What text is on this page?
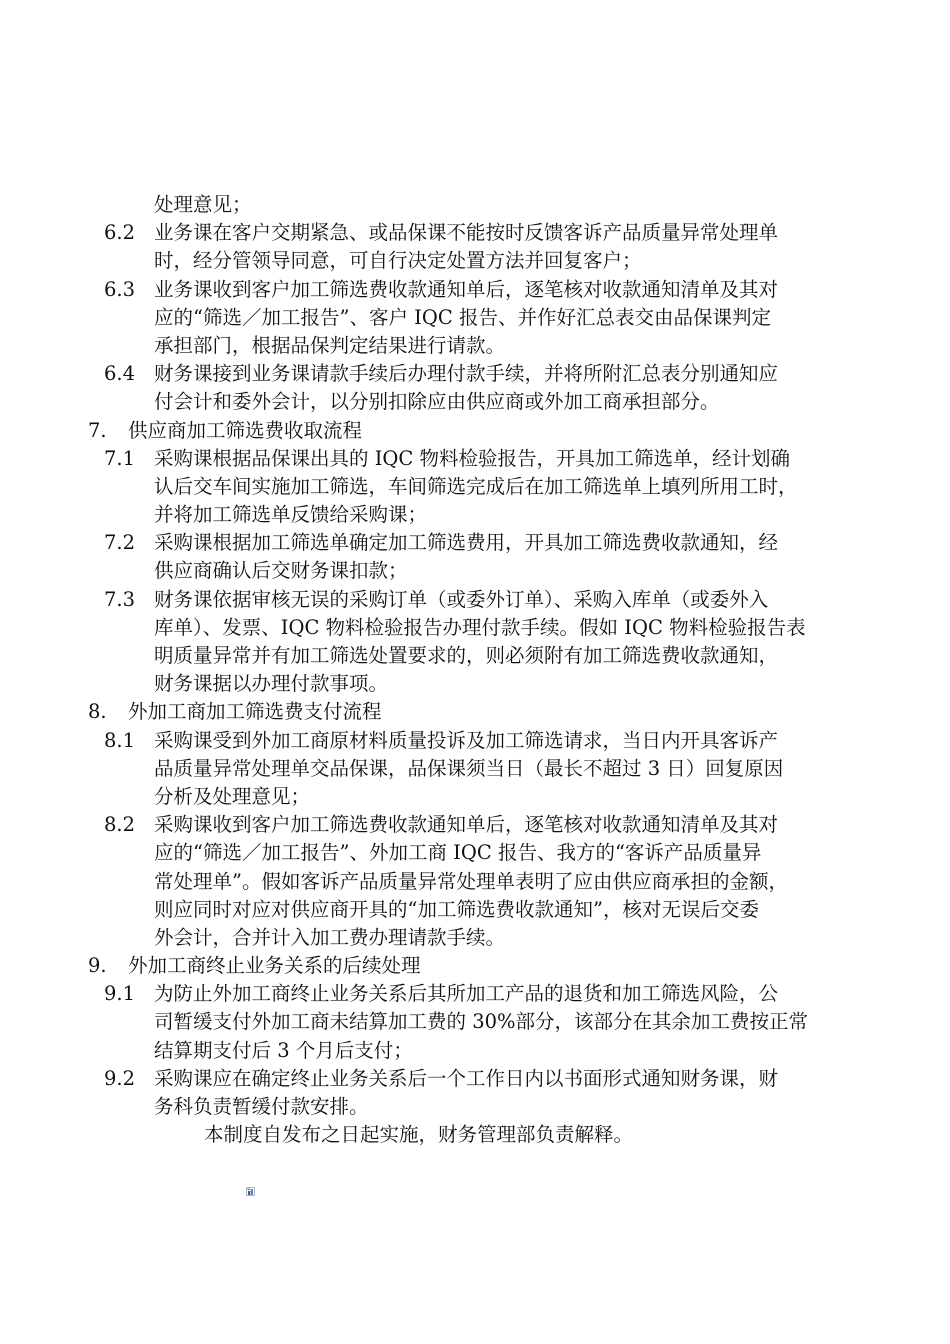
处理意见；
6.2 业务课在客户交期紧急、或品保课不能按时反馈客诉产品质量异常处理单
时，经分管领导同意，可自行决定处置方法并回复客户；
6.3 业务课收到客户加工筛选费收款通知单后，逐笔核对收款通知清单及其对
应的“筛选／加工报告”、客户 IQC 报告、并作好汇总表交由品保课判定
承担部门，根据品保判定结果进行请款。
6.4 财务课接到业务课请款手续后办理付款手续，并将所附汇总表分别通知应
付会计和委外会计，以分别扣除应由供应商或外加工商承担部分。
7. 供应商加工筛选费收取流程
7.1 采购课根据品保课出具的 IQC 物料检验报告，开具加工筛选单，经计划确
认后交车间实施加工筛选，车间筛选完成后在加工筛选单上填列所用工时，
并将加工筛选单反馈给采购课；
7.2 采购课根据加工筛选单确定加工筛选费用，开具加工筛选费收款通知，经
供应商确认后交财务课扣款；
7.3 财务课依据审核无误的采购订单（或委外订单）、采购入库单（或委外入
库单）、发票、IQC 物料检验报告办理付款手续。假如 IQC 物料检验报告表
明质量异常并有加工筛选处置要求的，则必须附有加工筛选费收款通知，
财务课据以办理付款事项。
8. 外加工商加工筛选费支付流程
8.1 采购课受到外加工商原材料质量投诉及加工筛选请求，当日内开具客诉产
品质量异常处理单交品保课，品保课须当日（最长不超过 3 日）回复原因
分析及处理意见；
8.2 采购课收到客户加工筛选费收款通知单后，逐笔核对收款通知清单及其对
应的“筛选／加工报告”、外加工商 IQC 报告、我方的“客诉产品质量异
常处理单”。假如客诉产品质量异常处理单表明了应由供应商承担的金额，
则应同时对应对供应商开具的“加工筛选费收款通知”，核对无误后交委
外会计，合并计入加工费办理请款手续。
9. 外加工商终止业务关系的后续处理
9.1 为防止外加工商终止业务关系后其所加工产品的退货和加工筛选风险，公
司暂缓支付外加工商未结算加工费的 30%部分，该部分在其余加工费按正常
结算期支付后 3 个月后支付；
9.2 采购课应在确定终止业务关系后一个工作日内以书面形式通知财务课，财
务科负责暂缓付款安排。
本制度自发布之日起实施，财务管理部负责解释。
